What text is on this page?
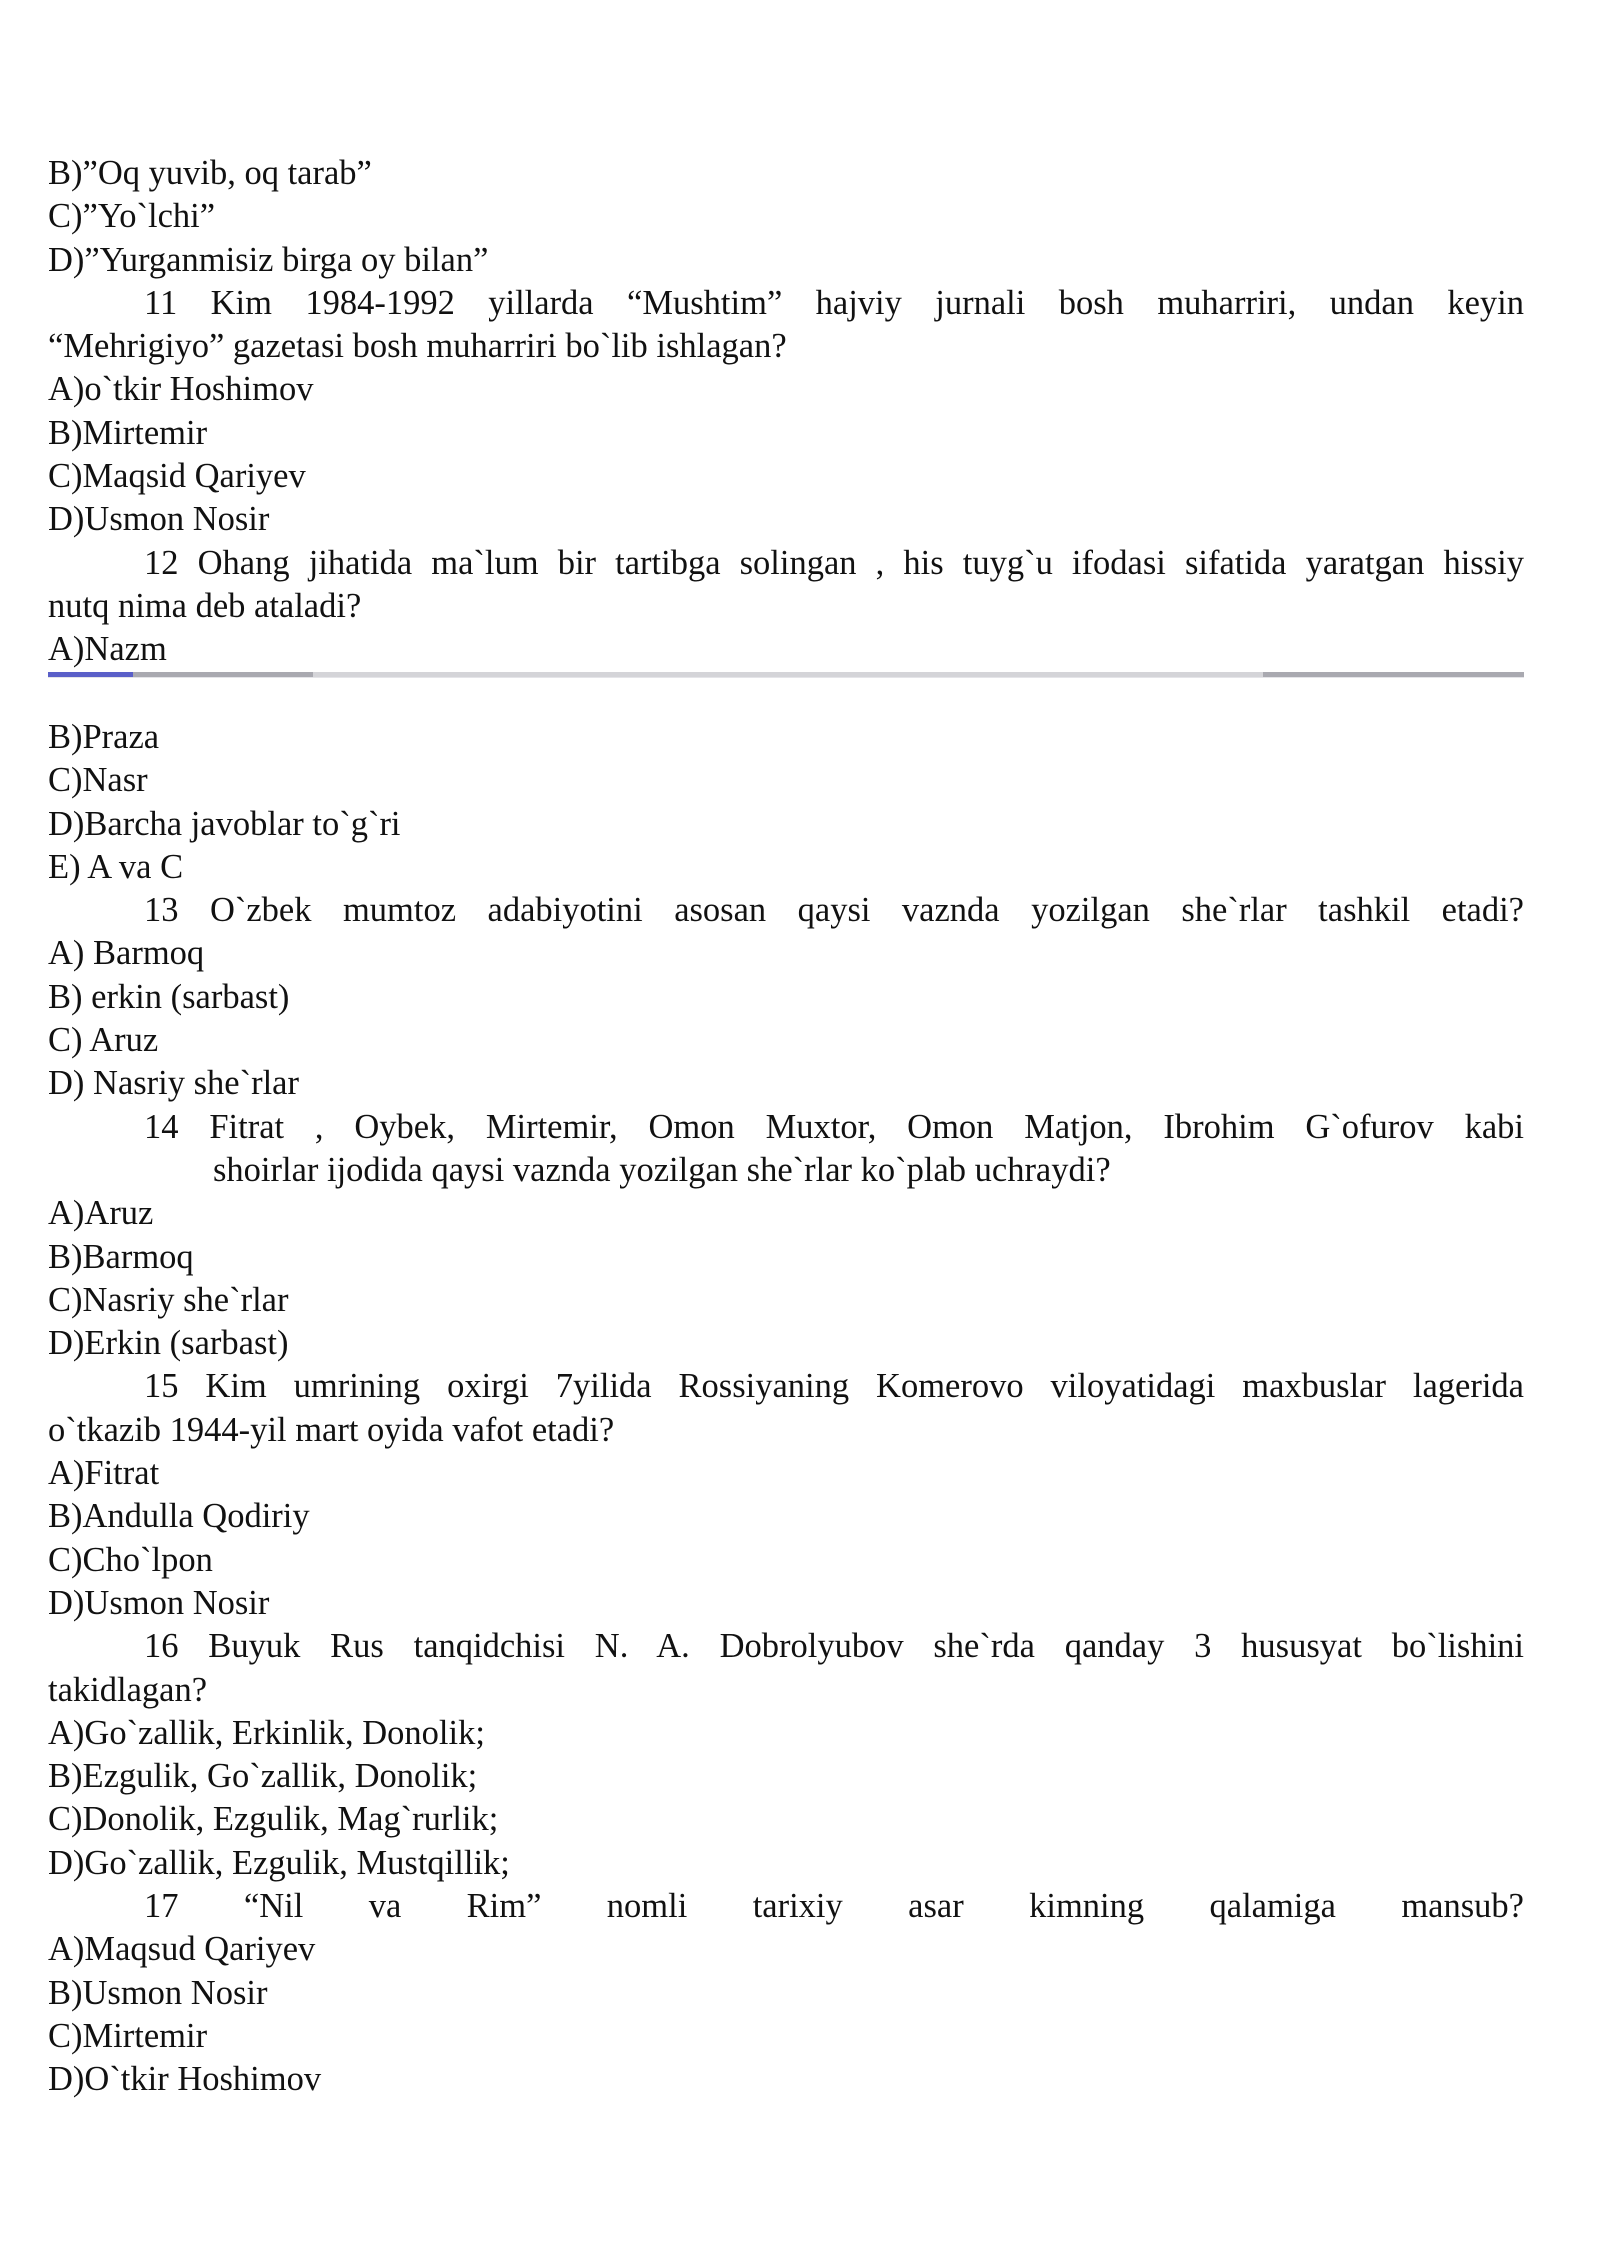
B)”Oq yuvib, oq tarab”
C)”Yo`lchi”
D)”Yurganmisiz birga oy bilan”
11 Kim 1984-1992 yillarda “Mushtim” hajviy jurnali bosh muharriri, undan keyin
“Mehrigiyo” gazetasi bosh muharriri bo`lib ishlagan?
A)o`tkir Hoshimov
B)Mirtemir
C)Maqsid Qariyev
D)Usmon Nosir
12 Ohang jihatida ma`lum bir tartibga solingan , his tuyg`u ifodasi sifatida yaratgan hissiy
nutq nima deb ataladi?
A)Nazm
B)Praza
C)Nasr
D)Barcha javoblar to`g`ri
E) A va C
13 O`zbek mumtoz adabiyotini asosan qaysi vaznda yozilgan she`rlar tashkil etadi?
A) Barmoq
B) erkin (sarbast)
C) Aruz
D) Nasriy she`rlar
14 Fitrat , Oybek, Mirtemir, Omon Muxtor, Omon Matjon, Ibrohim G`ofurov kabi
shoirlar ijodida qaysi vaznda yozilgan she`rlar ko`plab uchraydi?
A)Aruz
B)Barmoq
C)Nasriy she`rlar
D)Erkin (sarbast)
15 Kim umrining oxirgi 7yilida Rossiyaning Komerovo viloyatidagi maxbuslar lagerida
o`tkazib 1944-yil mart oyida vafot etadi?
A)Fitrat
B)Andulla Qodiriy
C)Cho`lpon
D)Usmon Nosir
16 Buyuk Rus tanqidchisi N. A. Dobrolyubov she`rda qanday 3 hususyat bo`lishini
takidlagan?
A)Go`zallik, Erkinlik, Donolik;
B)Ezgulik, Go`zallik, Donolik;
C)Donolik, Ezgulik, Mag`rurlik;
D)Go`zallik, Ezgulik, Mustqillik;
17 “Nil va Rim” nomli tarixiy asar kimning qalamiga mansub?
A)Maqsud Qariyev
B)Usmon Nosir
C)Mirtemir
D)O`tkir Hoshimov
